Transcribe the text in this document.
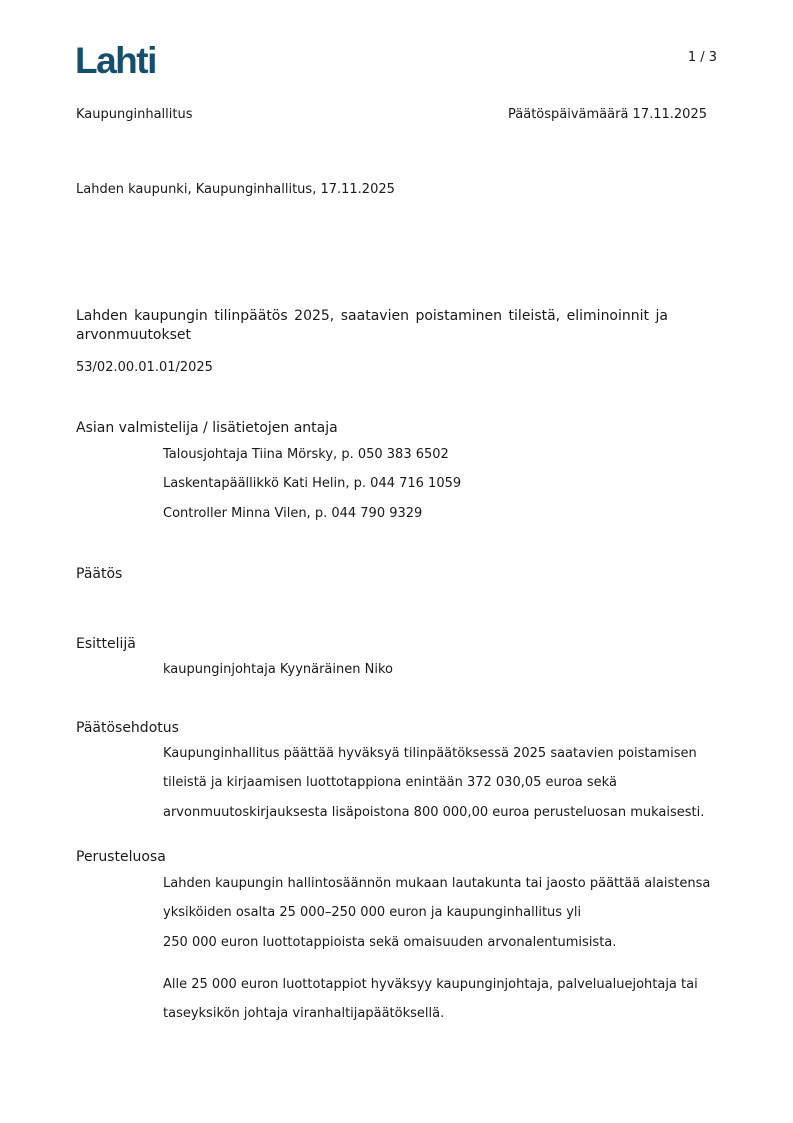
Lahti	1 / 3
Kaupunginhallitus	Päätöspäivämäärä 17.11.2025
Lahden kaupunki, Kaupunginhallitus, 17.11.2025
Lahden kaupungin tilinpäätös 2025, saatavien poistaminen tileistä, eliminoinnit ja arvonmuutokset
53/02.00.01.01/2025
Asian valmistelija / lisätietojen antaja
Talousjohtaja Tiina Mörsky, p. 050 383 6502
Laskentapäällikkö Kati Helin, p. 044 716 1059
Controller Minna Vilen, p. 044 790 9329
Päätös
Esittelijä
kaupunginjohtaja Kyynäräinen Niko
Päätösehdotus
Kaupunginhallitus päättää hyväksyä tilinpäätöksessä 2025 saatavien poistamisen
tileistä ja kirjaamisen luottotappiona enintään 372 030,05 euroa sekä
arvonmuutoskirjauksesta lisäpoistona 800 000,00 euroa perusteluosan mukaisesti.
Perusteluosa
Lahden kaupungin hallintosäännön mukaan lautakunta tai jaosto päättää alaistensa
yksiköiden osalta 25 000–250 000 euron ja kaupunginhallitus yli
250 000 euron luottotappioista sekä omaisuuden arvonalentumisista.
Alle 25 000 euron luottotappiot hyväksyy kaupunginjohtaja, palvelualuejohtaja tai
taseyksikön johtaja viranhaltijapäätöksellä.
